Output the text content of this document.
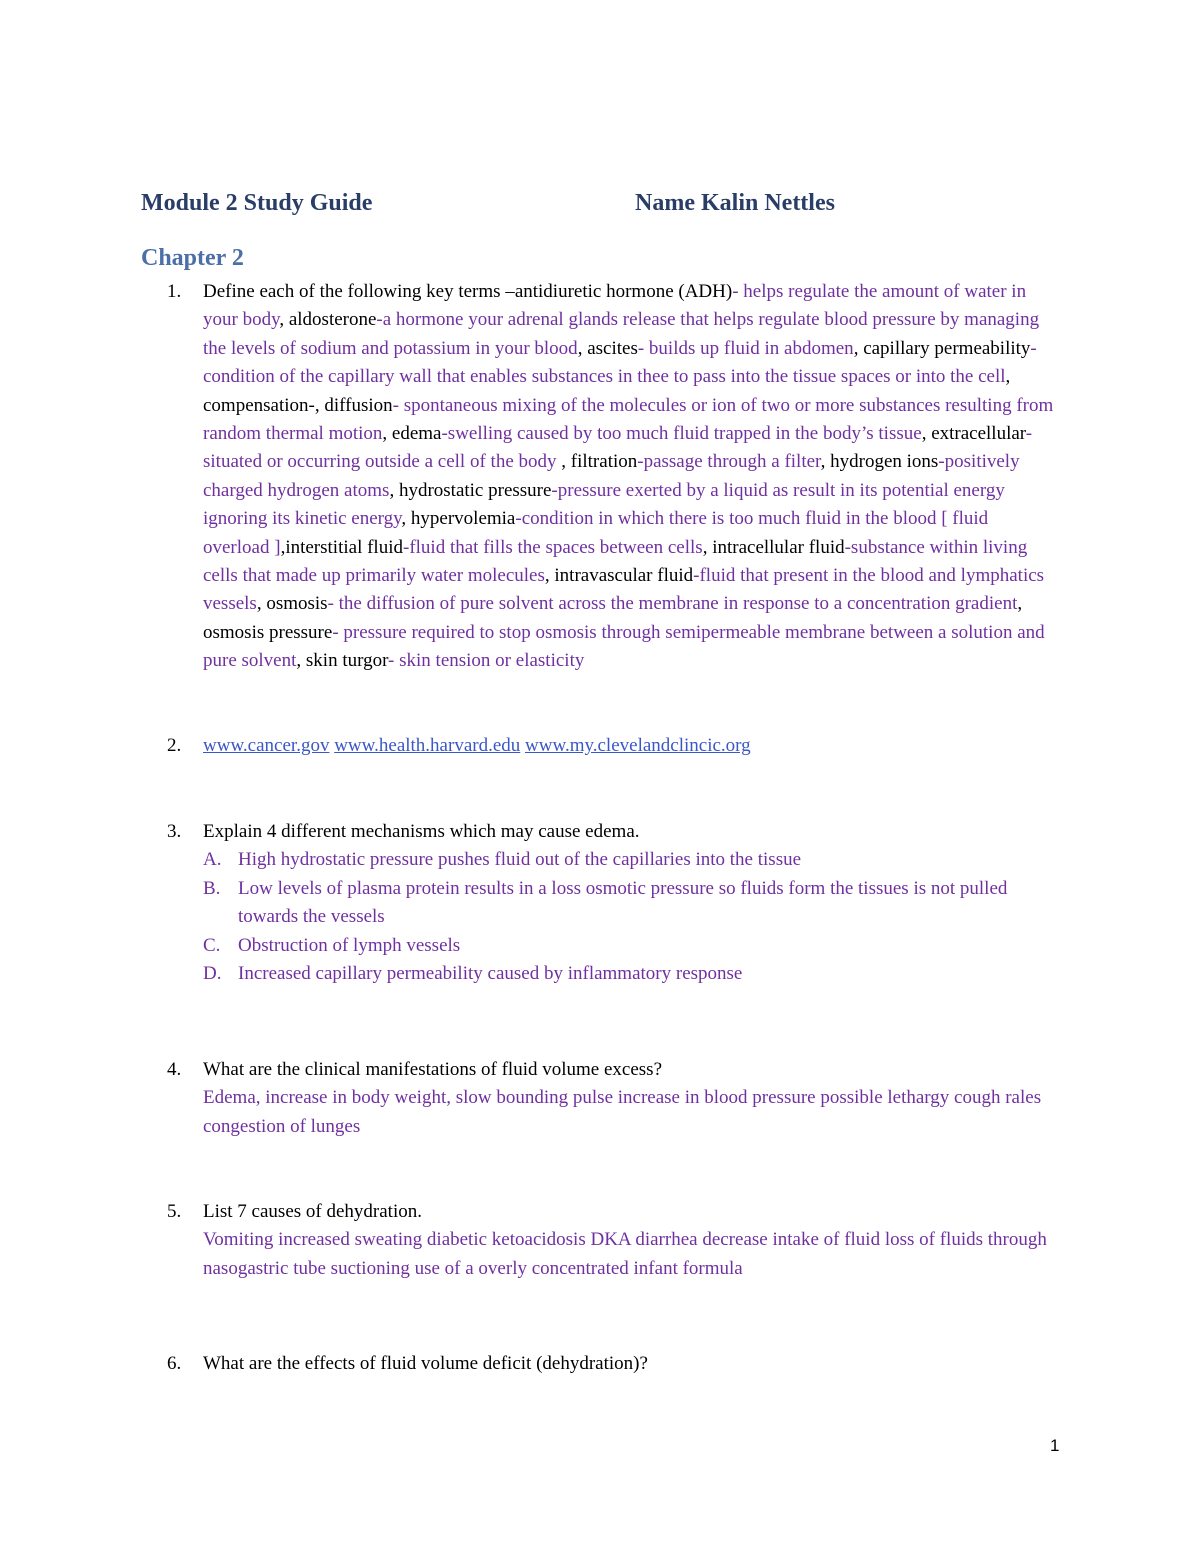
Module 2 Study Guide	Name Kalin Nettles
Chapter 2
1. Define each of the following key terms –antidiuretic hormone (ADH)- helps regulate the amount of water in your body, aldosterone-a hormone your adrenal glands release that helps regulate blood pressure by managing the levels of sodium and potassium in your blood, ascites- builds up fluid in abdomen, capillary permeability- condition of the capillary wall that enables substances in thee to pass into the tissue spaces or into the cell, compensation-, diffusion- spontaneous mixing of the molecules or ion of two or more substances resulting from random thermal motion, edema-swelling caused by too much fluid trapped in the body’s tissue, extracellular-situated or occurring outside a cell of the body , filtration-passage through a filter, hydrogen ions-positively charged hydrogen atoms, hydrostatic pressure-pressure exerted by a liquid as result in its potential energy ignoring its kinetic energy, hypervolemia-condition in which there is too much fluid in the blood [ fluid overload ],interstitial fluid-fluid that fills the spaces between cells, intracellular fluid-substance within living cells that made up primarily water molecules, intravascular fluid-fluid that present in the blood and lymphatics vessels, osmosis- the diffusion of pure solvent across the membrane in response to a concentration gradient, osmosis pressure- pressure required to stop osmosis through semipermeable membrane between a solution and pure solvent, skin turgor- skin tension or elasticity
2. www.cancer.gov www.health.harvard.edu www.my.clevelandclincic.org
3. Explain 4 different mechanisms which may cause edema.
A. High hydrostatic pressure pushes fluid out of the capillaries into the tissue
B. Low levels of plasma protein results in a loss osmotic pressure so fluids form the tissues is not pulled towards the vessels
C. Obstruction of lymph vessels
D. Increased capillary permeability caused by inflammatory response
4. What are the clinical manifestations of fluid volume excess?
Edema, increase in body weight, slow bounding pulse increase in blood pressure possible lethargy cough rales congestion of lunges
5. List 7 causes of dehydration.
Vomiting increased sweating diabetic ketoacidosis DKA diarrhea decrease intake of fluid loss of fluids through nasogastric tube suctioning use of a overly concentrated infant formula
6. What are the effects of fluid volume deficit (dehydration)?
1
